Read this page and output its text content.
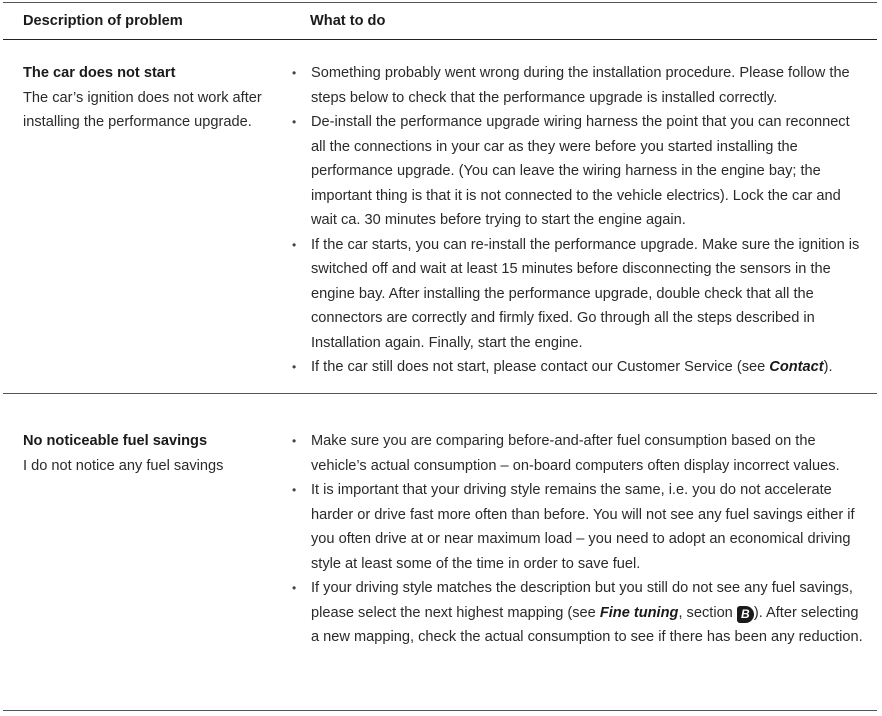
Description of problem	What to do
The car does not start
The car’s ignition does not work after installing the performance upgrade.
• Something probably went wrong during the installation procedure. Please follow the steps below to check that the performance upgrade is installed correctly.
• De-install the performance upgrade wiring harness the point that you can reconnect all the connections in your car as they were before you started installing the performance upgrade. (You can leave the wiring harness in the engine bay; the important thing is that it is not connected to the vehicle electrics). Lock the car and wait ca. 30 minutes before trying to start the engine again.
• If the car starts, you can re-install the performance upgrade. Make sure the ignition is switched off and wait at least 15 minutes before disconnecting the sensors in the engine bay. After installing the performance upgrade, double check that all the connectors are correctly and firmly fixed. Go through all the steps described in Installation again. Finally, start the engine.
• If the car still does not start, please contact our Customer Service (see Contact).
No noticeable fuel savings
I do not notice any fuel savings
• Make sure you are comparing before-and-after fuel consumption based on the vehicle’s actual consumption – on-board computers often display incorrect values.
• It is important that your driving style remains the same, i.e. you do not accelerate harder or drive fast more often than before. You will not see any fuel savings either if you often drive at or near maximum load – you need to adopt an economical driving style at least some of the time in order to save fuel.
• If your driving style matches the description but you still do not see any fuel savings, please select the next highest mapping (see Fine tuning, section B ). After selecting a new mapping, check the actual consumption to see if there has been any reduction.
